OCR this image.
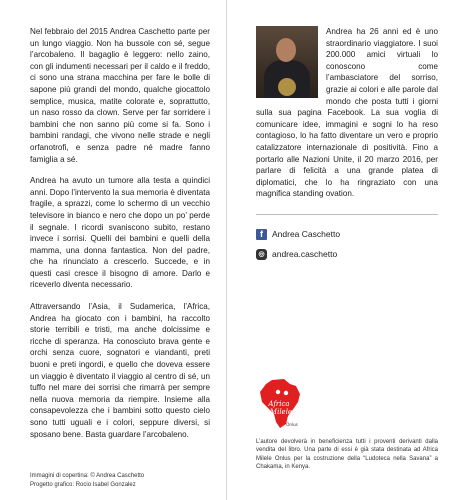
Nel febbraio del 2015 Andrea Caschetto parte per un lungo viaggio. Non ha bussole con sé, segue l’arcobaleno. Il bagaglio è leggero: nello zaino, con gli indumenti necessari per il caldo e il freddo, ci sono una strana macchina per fare le bolle di sapone più grandi del mondo, qualche giocattolo semplice, musica, matite colorate e, soprattutto, un naso rosso da clown. Serve per far sorridere i bambini che non sanno più come si fa. Sono i bambini randagi, che vivono nelle strade e negli orfanotrofi, e senza padre né madre fanno famiglia a sé.

Andrea ha avuto un tumore alla testa a quindici anni. Dopo l’intervento la sua memoria è diventata fragile, a sprazzi, come lo schermo di un vecchio televisore in bianco e nero che dopo un po’ perde il segnale. I ricordi svaniscono subito, restano invece i sorrisi. Quelli dei bambini e quelli della mamma, una donna fantastica. Non del padre, che ha rinunciato a crescerlo. Succede, e in questi casi cresce il bisogno di amore. Darlo e riceverlo diventa necessario.

Attraversando l’Asia, il Sudamerica, l’Africa, Andrea ha giocato con i bambini, ha raccolto storie terribili e tristi, ma anche dolcissime e ricche di speranza. Ha conosciuto brava gente e orchi senza cuore, sognatori e viandanti, preti buoni e preti ingordi, e quello che doveva essere un viaggio è diventato il viaggio al centro di sé, un tuffo nel mare dei sorrisi che rimarrà per sempre nella nuova memoria da riempire. Insieme alla consapevolezza che i bambini sotto questo cielo sono tutti uguali e i colori, seppure diversi, si sposano bene. Basta guardare l’arcobaleno.

Immagini di copertina: © Andrea Caschetto
Progetto grafico: Rocio Isabel Gonzalez

Andrea ha 26 anni ed è uno straordinario viaggiatore. I suoi 200.000 amici virtuali lo conoscono come l’ambasciatore del sorriso, grazie ai colori e alle parole dal mondo che posta tutti i giorni sulla sua pagina Facebook. La sua voglia di comunicare idee, immagini e sogni lo ha reso contagioso, lo ha fatto diventare un vero e proprio catalizzatore internazionale di positività. Fino a portarlo alle Nazioni Unite, il 20 marzo 2016, per parlare di felicità a una grande platea di diplomatici, che lo ha ringraziato con una magnifica standing ovation.

f	Andrea Caschetto
◎ andrea.caschetto
Africa
Milele
Onlus
L’autore devolverà in beneficienza tutti i proventi derivanti dalla vendita del libro. Una parte di essi è già stata destinata ad Africa Milele Onlus per la costruzione della “Ludoteca nella Savana” a Chakama, in Kenya.
